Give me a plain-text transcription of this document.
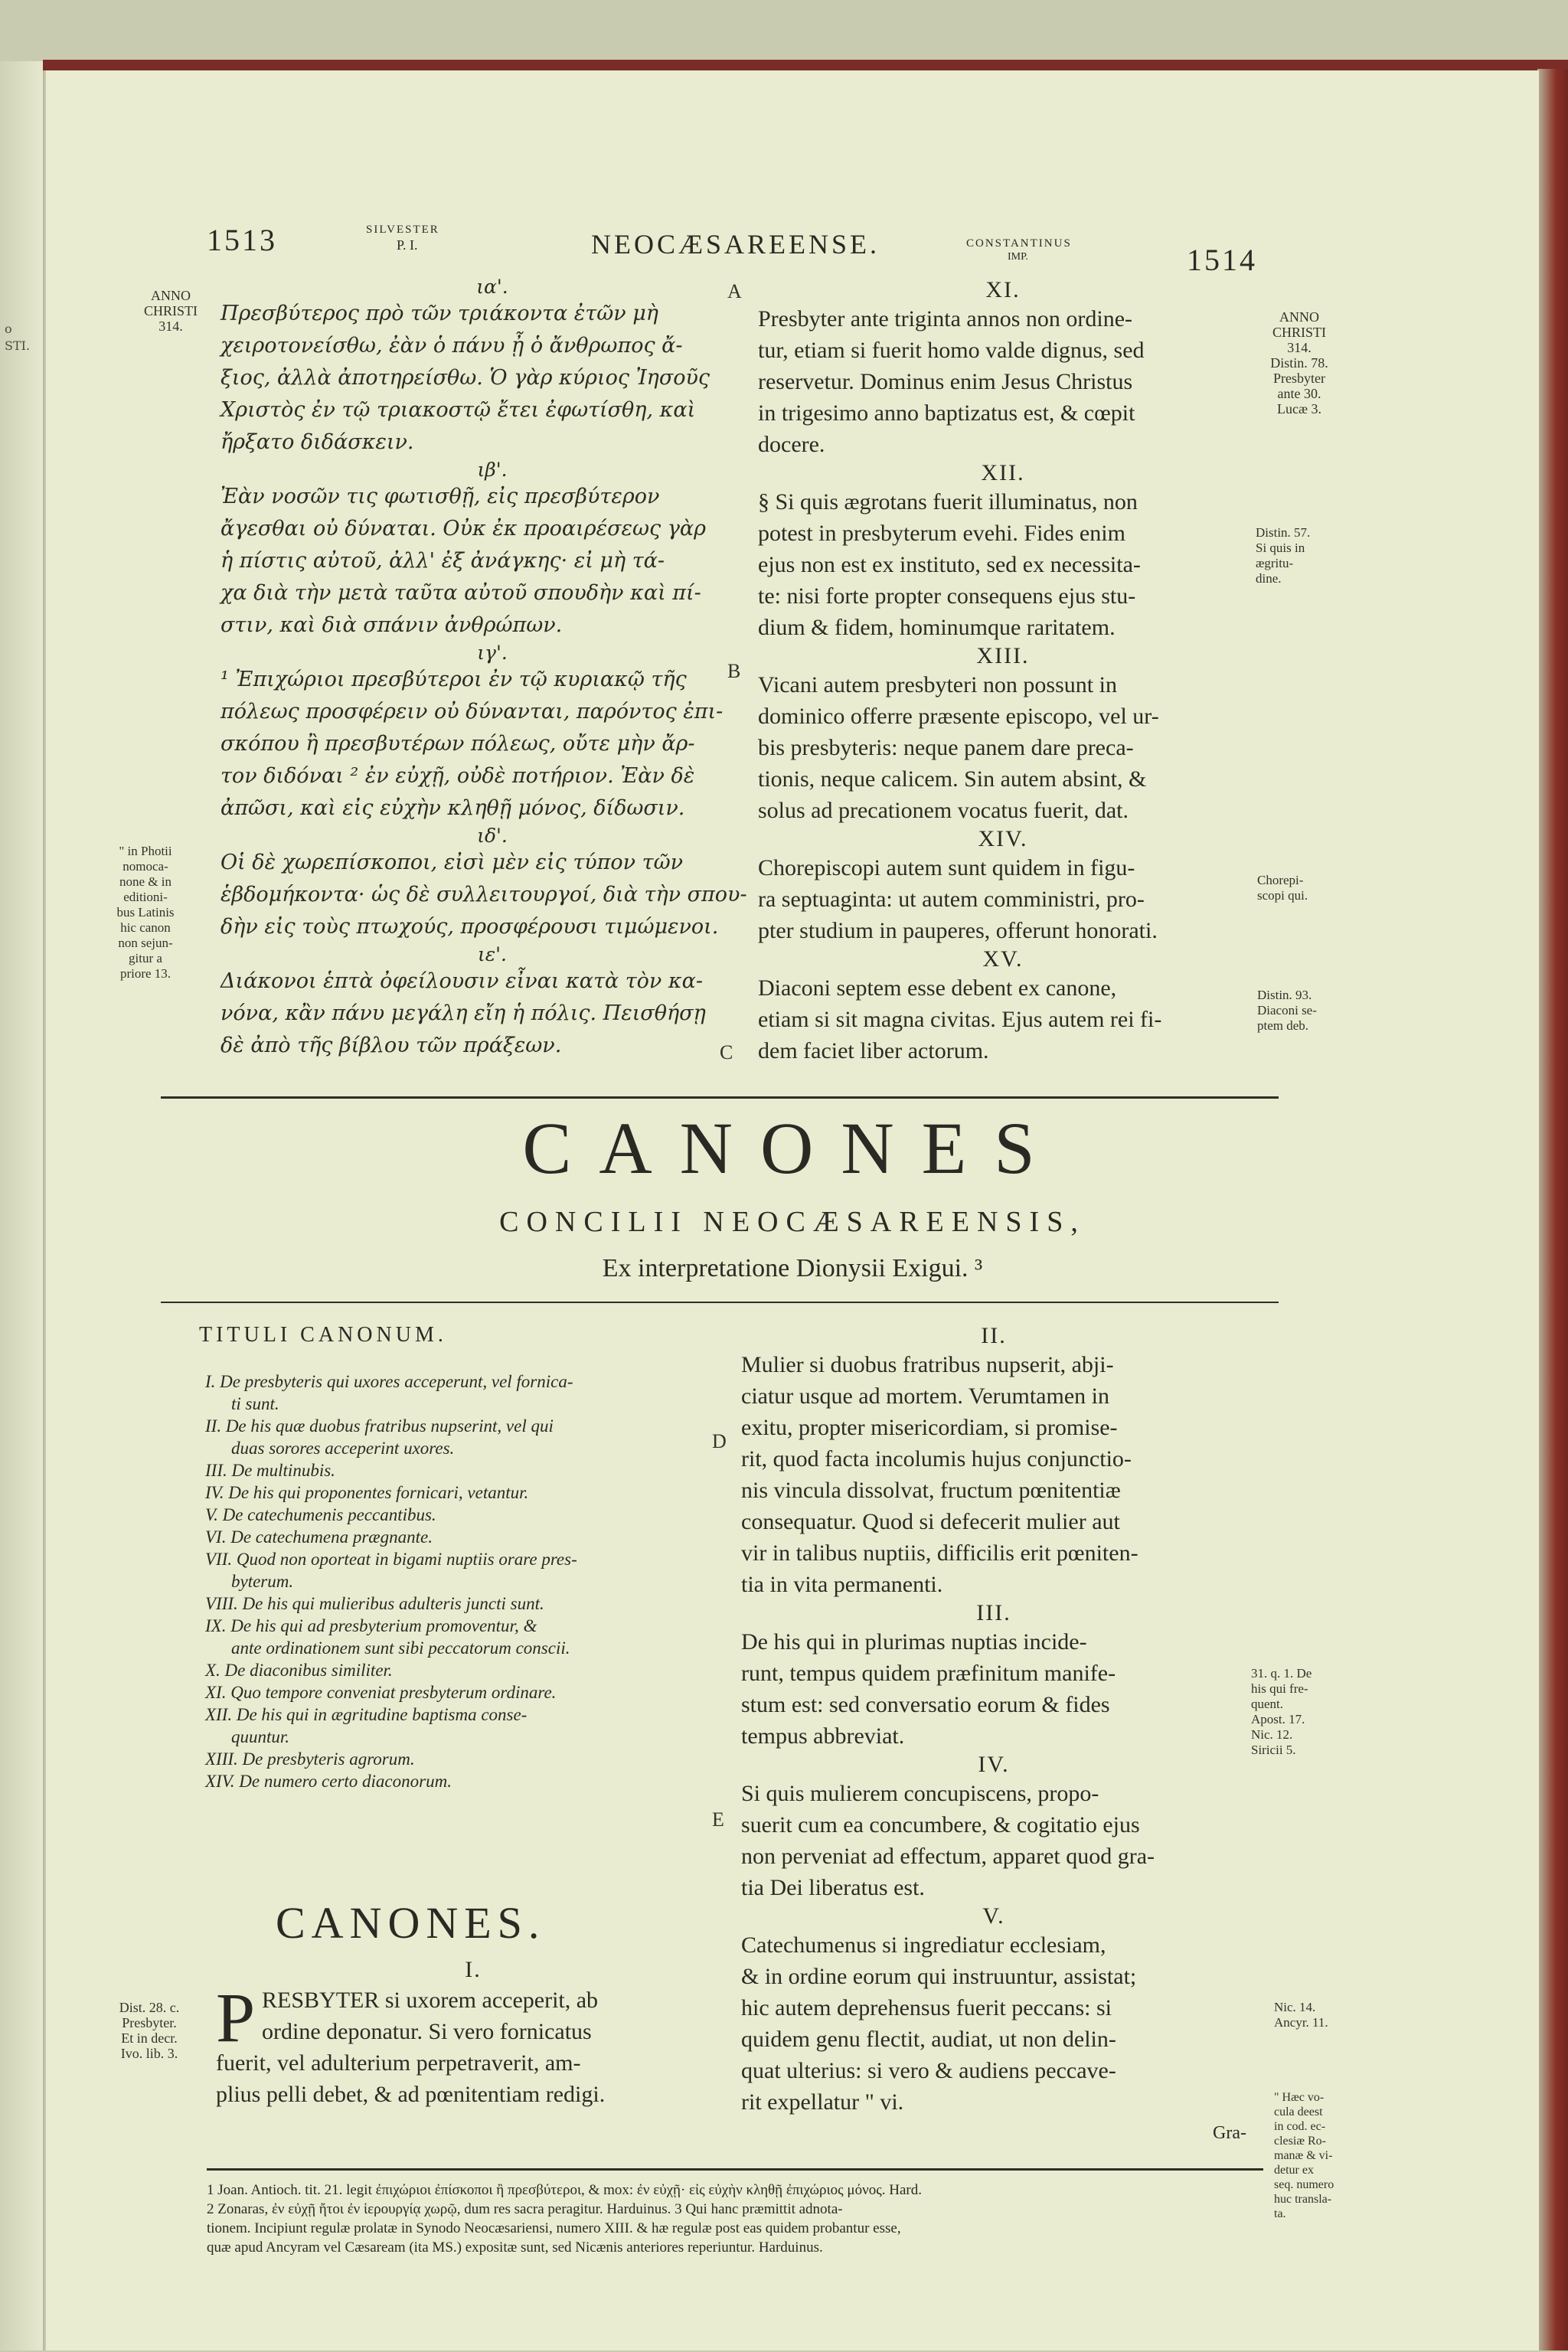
o
STI.
1513	SILVESTER
P. I.	NEOCÆSAREENSE.	CONSTANTINUS
IMP.	1514
ANNO
CHRISTI
314.
ANNO
CHRISTI
314.
Distin. 78.
Presbyter
ante 30.
Lucæ 3.
Distin. 57.
Si quis in
ægritu-
dine.
" in Photii
nomoca-
none & in
editioni-
bus Latinis
hic canon
non sejun-
gitur a
priore 13.
Chorepi-
scopi qui.
Distin. 93.
Diaconi se-
ptem deb.
A
B
C
D
E
ια'.
Πρεσβύτερος πρὸ τῶν τριάκοντα ἐτῶν μὴ
χειροτονείσθω, ἐὰν ὁ πάνυ ᾖ ὁ ἄνθρωπος ἄ-
ξιος, ἀλλὰ ἀποτηρείσθω. Ὁ γὰρ κύριος Ἰησοῦς
Χριστὸς ἐν τῷ τριακοστῷ ἔτει ἐφωτίσθη, καὶ
ἤρξατο διδάσκειν.
ιβ'.
Ἐὰν νοσῶν τις φωτισθῇ, εἰς πρεσβύτερον
ἄγεσθαι οὐ δύναται. Οὐκ ἐκ προαιρέσεως γὰρ
ἡ πίστις αὐτοῦ, ἀλλ' ἐξ ἀνάγκης· εἰ μὴ τά-
χα διὰ τὴν μετὰ ταῦτα αὐτοῦ σπουδὴν καὶ πί-
στιν, καὶ διὰ σπάνιν ἀνθρώπων.
ιγ'.
¹ Ἐπιχώριοι πρεσβύτεροι ἐν τῷ κυριακῷ τῆς
πόλεως προσφέρειν οὐ δύνανται, παρόντος ἐπι-
σκόπου ἢ πρεσβυτέρων πόλεως, οὔτε μὴν ἄρ-
τον διδόναι ² ἐν εὐχῇ, οὐδὲ ποτήριον. Ἐὰν δὲ
ἀπῶσι, καὶ εἰς εὐχὴν κληθῇ μόνος, δίδωσιν.
ιδ'.
Οἱ δὲ χωρεπίσκοποι, εἰσὶ μὲν εἰς τύπον τῶν
ἑβδομήκοντα· ὡς δὲ συλλειτουργοί, διὰ τὴν σπου-
δὴν εἰς τοὺς πτωχούς, προσφέρουσι τιμώμενοι.
ιε'.
Διάκονοι ἑπτὰ ὀφείλουσιν εἶναι κατὰ τὸν κα-
νόνα, κἂν πάνυ μεγάλη εἴη ἡ πόλις. Πεισθήσῃ
δὲ ἀπὸ τῆς βίβλου τῶν πράξεων.
XI.
Presbyter ante triginta annos non ordine-
tur, etiam si fuerit homo valde dignus, sed
reservetur. Dominus enim Jesus Christus
in trigesimo anno baptizatus est, & cœpit
docere.
XII.
§ Si quis ægrotans fuerit illuminatus, non
potest in presbyterum evehi. Fides enim
ejus non est ex instituto, sed ex necessita-
te: nisi forte propter consequens ejus stu-
dium & fidem, hominumque raritatem.
XIII.
Vicani autem presbyteri non possunt in
dominico offerre præsente episcopo, vel ur-
bis presbyteris: neque panem dare preca-
tionis, neque calicem. Sin autem absint, &
solus ad precationem vocatus fuerit, dat.
XIV.
Chorepiscopi autem sunt quidem in figu-
ra septuaginta: ut autem comministri, pro-
pter studium in pauperes, offerunt honorati.
XV.
Diaconi septem esse debent ex canone,
etiam si sit magna civitas. Ejus autem rei fi-
dem faciet liber actorum.
CANONES
CONCILII NEOCÆSAREENSIS,
Ex interpretatione Dionysii Exigui. ³
TITULI CANONUM.
I. De presbyteris qui uxores acceperunt, vel fornica-
ti sunt.
II. De his quæ duobus fratribus nupserint, vel qui
duas sorores acceperint uxores.
III. De multinubis.
IV. De his qui proponentes fornicari, vetantur.
V. De catechumenis peccantibus.
VI. De catechumena prægnante.
VII. Quod non oporteat in bigami nuptiis orare pres-
byterum.
VIII. De his qui mulieribus adulteris juncti sunt.
IX. De his qui ad presbyterium promoventur, &
ante ordinationem sunt sibi peccatorum conscii.
X. De diaconibus similiter.
XI. Quo tempore conveniat presbyterum ordinare.
XII. De his qui in ægritudine baptisma conse-
quuntur.
XIII. De presbyteris agrorum.
XIV. De numero certo diaconorum.
CANONES.
Dist. 28. c.
Presbyter.
Et in decr.
Ivo. lib. 3.
I.
P RESBYTER si uxorem acceperit, ab
ordine deponatur. Si vero fornicatus
fuerit, vel adulterium perpetraverit, am-
plius pelli debet, & ad pœnitentiam redigi.
II.
Mulier si duobus fratribus nupserit, abji-
ciatur usque ad mortem. Verumtamen in
exitu, propter misericordiam, si promise-
rit, quod facta incolumis hujus conjunctio-
nis vincula dissolvat, fructum pœnitentiæ
consequatur. Quod si defecerit mulier aut
vir in talibus nuptiis, difficilis erit pœniten-
tia in vita permanenti.
III.
De his qui in plurimas nuptias incide-
runt, tempus quidem præfinitum manife-
stum est: sed conversatio eorum & fides
tempus abbreviat.
IV.
Si quis mulierem concupiscens, propo-
suerit cum ea concumbere, & cogitatio ejus
non perveniat ad effectum, apparet quod gra-
tia Dei liberatus est.
V.
Catechumenus si ingrediatur ecclesiam,
& in ordine eorum qui instruuntur, assistat;
hic autem deprehensus fuerit peccans: si
quidem genu flectit, audiat, ut non delin-
quat ulterius: si vero & audiens peccave-
rit expellatur " vi.
Gra-
31. q. 1. De
his qui fre-
quent.
Apost. 17.
Nic. 12.
Siricii 5.
Nic. 14.
Ancyr. 11.
" Hæc vo-
cula deest
in cod. ec-
clesiæ Ro-
manæ & vi-
detur ex
seq. numero
huc transla-
ta.
1 Joan. Antioch. tit. 21. legit ἐπιχώριοι ἐπίσκοποι ἢ πρεσβύτεροι, & mox: ἐν εὐχῇ· εἰς εὐχὴν κληθῇ ἐπιχώριος μόνος. Hard.
2 Zonaras, ἐν εὐχῇ ἤτοι ἐν ἱερουργίᾳ χωρῷ, dum res sacra peragitur. Harduinus. 3 Qui hanc præmittit adnota-
tionem. Incipiunt regulæ prolatæ in Synodo Neocæsariensi, numero XIII. & hæ regulæ post eas quidem probantur esse,
quæ apud Ancyram vel Cæsaream (ita MS.) expositæ sunt, sed Nicænis anteriores reperiuntur. Harduinus.
